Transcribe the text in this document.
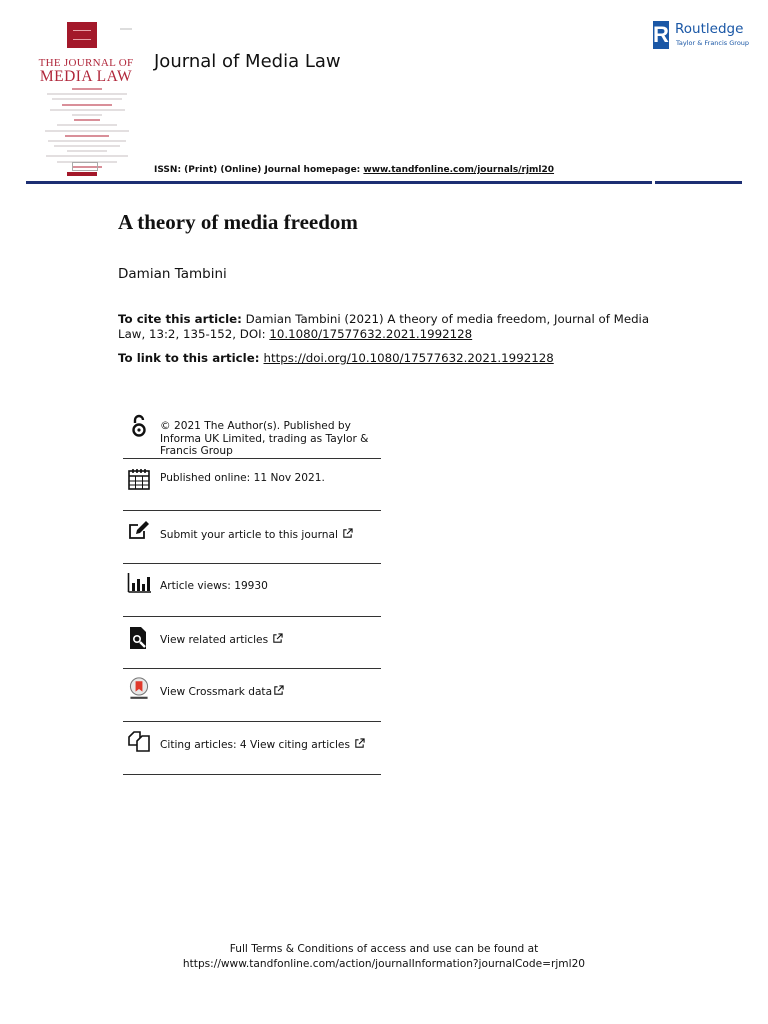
THE JOURNAL OF
MEDIA LAW
Journal of Media Law
R Routledge
Taylor & Francis Group
ISSN: (Print) (Online) Journal homepage: www.tandfonline.com/journals/rjml20
A theory of media freedom
Damian Tambini
To cite this article: Damian Tambini (2021) A theory of media freedom, Journal of Media Law, 13:2, 135-152, DOI: 10.1080/17577632.2021.1992128
To link to this article: https://doi.org/10.1080/17577632.2021.1992128
© 2021 The Author(s). Published by Informa UK Limited, trading as Taylor & Francis Group
Published online: 11 Nov 2021.
Submit your article to this journal
Article views: 19930
View related articles
View Crossmark data
Citing articles: 4 View citing articles
Full Terms & Conditions of access and use can be found at
https://www.tandfonline.com/action/journalInformation?journalCode=rjml20
